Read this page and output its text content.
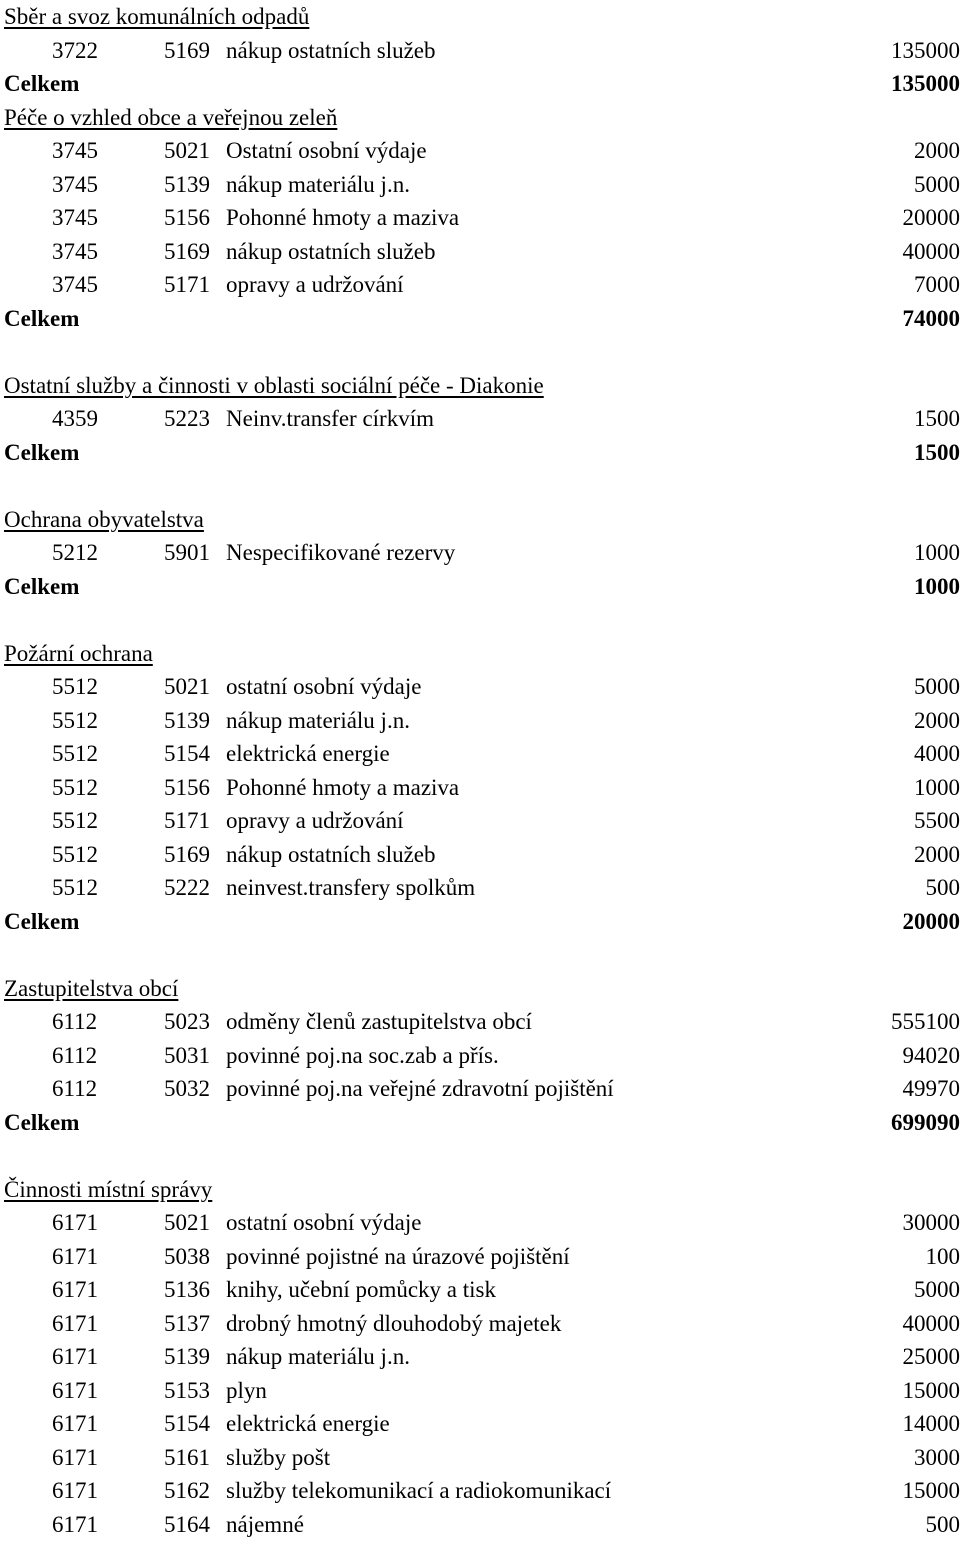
Sběr a svoz komunálních odpadů
3722	5169 nákup ostatních služeb	135000
Celkem	135000
Péče o vzhled obce a veřejnou zeleň
3745	5021 Ostatní osobní výdaje	2000
3745	5139 nákup materiálu j.n.	5000
3745	5156 Pohonné hmoty a maziva	20000
3745	5169 nákup ostatních služeb	40000
3745	5171 opravy a udržování	7000
Celkem	74000
Ostatní služby a činnosti v oblasti sociální péče - Diakonie
4359	5223 Neinv.transfer církvím	1500
Celkem	1500
Ochrana obyvatelstva
5212	5901 Nespecifikované rezervy	1000
Celkem	1000
Požární ochrana
5512	5021 ostatní osobní výdaje	5000
5512	5139 nákup materiálu j.n.	2000
5512	5154 elektrická energie	4000
5512	5156 Pohonné hmoty a maziva	1000
5512	5171 opravy a udržování	5500
5512	5169 nákup ostatních služeb	2000
5512	5222 neinvest.transfery spolkům	500
Celkem	20000
Zastupitelstva obcí
6112	5023 odměny členů zastupitelstva obcí	555100
6112	5031 povinné poj.na soc.zab a přís.	94020
6112	5032 povinné poj.na veřejné zdravotní pojištění	49970
Celkem	699090
Činnosti místní správy
6171	5021 ostatní osobní výdaje	30000
6171	5038 povinné pojistné na úrazové pojištění	100
6171	5136 knihy, učební pomůcky a tisk	5000
6171	5137 drobný hmotný dlouhodobý majetek	40000
6171	5139 nákup materiálu j.n.	25000
6171	5153 plyn	15000
6171	5154 elektrická energie	14000
6171	5161 služby pošt	3000
6171	5162 služby telekomunikací a radiokomunikací	15000
6171	5164 nájemné	500
